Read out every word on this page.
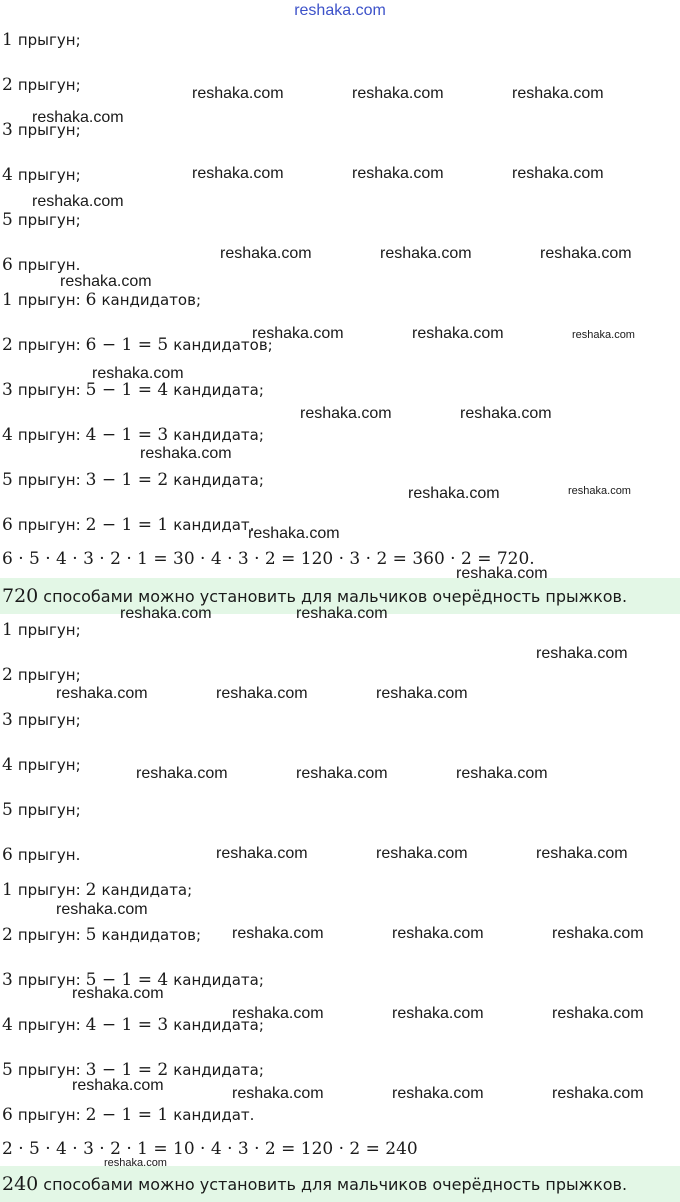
reshaka.com
1 прыгун;
2 прыгун;
3 прыгун;
4 прыгун;
5 прыгун;
6 прыгун.
1 прыгун: 6 кандидатов;
2 прыгун: 6 − 1 = 5 кандидатов;
3 прыгун: 5 − 1 = 4 кандидата;
4 прыгун: 4 − 1 = 3 кандидата;
5 прыгун: 3 − 1 = 2 кандидата;
6 прыгун: 2 − 1 = 1 кандидат.
6 · 5 · 4 · 3 · 2 · 1 = 30 · 4 · 3 · 2 = 120 · 3 · 2 = 360 · 2 = 720.
720 способами можно установить для мальчиков очерёдность прыжков.
1 прыгун;
2 прыгун;
3 прыгун;
4 прыгун;
5 прыгун;
6 прыгун.
1 прыгун: 2 кандидата;
2 прыгун: 5 кандидатов;
3 прыгун: 5 − 1 = 4 кандидата;
4 прыгун: 4 − 1 = 3 кандидата;
5 прыгун: 3 − 1 = 2 кандидата;
6 прыгун: 2 − 1 = 1 кандидат.
2 · 5 · 4 · 3 · 2 · 1 = 10 · 4 · 3 · 2 = 120 · 2 = 240
240 способами можно установить для мальчиков очерёдность прыжков.
reshaka.com	reshaka.com	reshaka.com
reshaka.com
reshaka.com	reshaka.com	reshaka.com
reshaka.com
reshaka.com	reshaka.com	reshaka.com
reshaka.com
reshaka.com	reshaka.com	reshaka.com
reshaka.com
reshaka.com	reshaka.com
reshaka.com
reshaka.com	reshaka.com
reshaka.com
reshaka.com
reshaka.com	reshaka.com
reshaka.com
reshaka.com	reshaka.com	reshaka.com
reshaka.com	reshaka.com	reshaka.com
reshaka.com	reshaka.com	reshaka.com
reshaka.com
reshaka.com	reshaka.com	reshaka.com
reshaka.com
reshaka.com	reshaka.com	reshaka.com
reshaka.com	reshaka.com	reshaka.com	reshaka.com
reshaka.com
